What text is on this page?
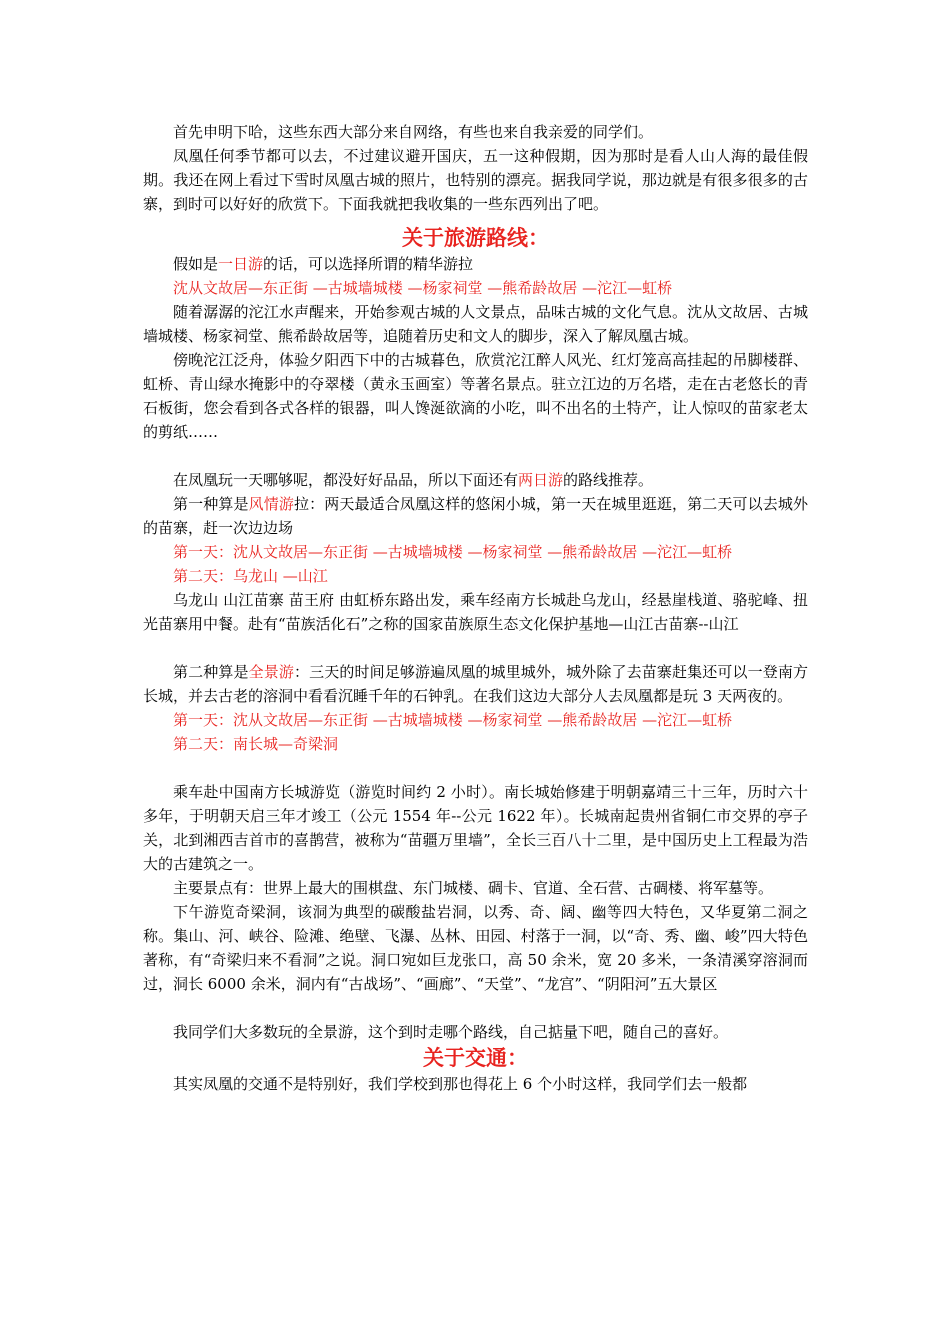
首先申明下哈，这些东西大部分来自网络，有些也来自我亲爱的同学们。

凤凰任何季节都可以去，不过建议避开国庆，五一这种假期，因为那时是看人山人海的最佳假期。我还在网上看过下雪时凤凰古城的照片，也特别的漂亮。据我同学说，那边就是有很多很多的古寨，到时可以好好的欣赏下。下面我就把我收集的一些东西列出了吧。

关于旅游路线：

假如是一日游的话，可以选择所谓的精华游拉

沈从文故居—东正街 —古城墙城楼 —杨家祠堂 —熊希龄故居 —沱江—虹桥

随着潺潺的沱江水声醒来，开始参观古城的人文景点，品味古城的文化气息。沈从文故居、古城墙城楼、杨家祠堂、熊希龄故居等，追随着历史和文人的脚步，深入了解凤凰古城。

傍晚沱江泛舟，体验夕阳西下中的古城暮色，欣赏沱江醉人风光、红灯笼高高挂起的吊脚楼群、虹桥、青山绿水掩影中的夺翠楼（黄永玉画室）等著名景点。驻立江边的万名塔，走在古老悠长的青石板街，您会看到各式各样的银器，叫人馋涎欲滴的小吃，叫不出名的土特产，让人惊叹的苗家老太的剪纸……

在凤凰玩一天哪够呢，都没好好品品，所以下面还有两日游的路线推荐。

第一种算是风情游拉：两天最适合凤凰这样的悠闲小城，第一天在城里逛逛，第二天可以去城外的苗寨，赶一次边边场

第一天：沈从文故居—东正街 —古城墙城楼 —杨家祠堂 —熊希龄故居 —沱江—虹桥
第二天：乌龙山 —山江

乌龙山 山江苗寨 苗王府 由虹桥东路出发，乘车经南方长城赴乌龙山，经悬崖栈道、骆驼峰、扭光苗寨用中餐。赴有“苗族活化石”之称的国家苗族原生态文化保护基地—山江古苗寨--山江

第二种算是全景游：三天的时间足够游遍凤凰的城里城外，城外除了去苗寨赶集还可以一登南方长城，并去古老的溶洞中看看沉睡千年的石钟乳。在我们这边大部分人去凤凰都是玩 3 天两夜的。

第一天：沈从文故居—东正街 —古城墙城楼 —杨家祠堂 —熊希龄故居 —沱江—虹桥
第二天：南长城—奇梁洞

乘车赴中国南方长城游览（游览时间约 2 小时）。南长城始修建于明朝嘉靖三十三年，历时六十多年，于明朝天启三年才竣工（公元 1554 年--公元 1622 年）。长城南起贵州省铜仁市交界的亭子关，北到湘西吉首市的喜鹊营，被称为“苗疆万里墙”，全长三百八十二里，是中国历史上工程最为浩大的古建筑之一。

主要景点有：世界上最大的围棋盘、东门城楼、碉卡、官道、全石营、古碉楼、将军墓等。

下午游览奇梁洞，该洞为典型的碳酸盐岩洞，以秀、奇、阔、幽等四大特色，又华夏第二洞之称。集山、河、峡谷、险滩、绝壁、飞瀑、丛林、田园、村落于一洞，以“奇、秀、幽、峻”四大特色著称，有“奇梁归来不看洞”之说。洞口宛如巨龙张口，高 50 余米，宽 20 多米，一条清溪穿溶洞而过，洞长 6000 余米，洞内有“古战场”、“画廊”、“天堂”、“龙宫”、“阴阳河”五大景区

我同学们大多数玩的全景游，这个到时走哪个路线，自己掂量下吧，随自己的喜好。

关于交通：

其实凤凰的交通不是特别好，我们学校到那也得花上 6 个小时这样，我同学们去一般都
